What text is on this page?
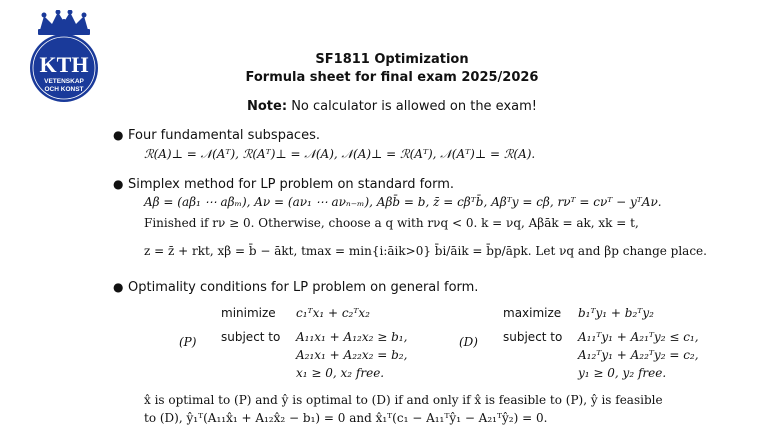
KTH
VETENSKAP
OCH KONST
SF1811 Optimization
Formula sheet for final exam 2025/2026
Note: No calculator is allowed on the exam!
● Four fundamental subspaces.
ℛ(A)⊥ = 𝒩(Aᵀ), ℛ(Aᵀ)⊥ = 𝒩(A), 𝒩(A)⊥ = ℛ(Aᵀ), 𝒩(Aᵀ)⊥ = ℛ(A).
● Simplex method for LP problem on standard form.
Aβ = (aβ₁ ⋯ aβₘ), Aν = (aν₁ ⋯ aνₙ₋ₘ), Aβb̄ = b, z̄ = cβᵀb̄, Aβᵀy = cβ, rνᵀ = cνᵀ − yᵀAν.
Finished if rν ≥ 0. Otherwise, choose a q with rνq < 0. k = νq, Aβāk = ak, xk = t,
z = z̄ + rkt, xβ = b̄ − ākt, tmax = min{i:āik>0} b̄i/āik = b̄p/āpk. Let νq and βp change place.
● Optimality conditions for LP problem on general form.
minimize c₁ᵀx₁ + c₂ᵀx₂
(P) subject to A₁₁x₁ + A₁₂x₂ ≥ b₁,
A₂₁x₁ + A₂₂x₂ = b₂,
x₁ ≥ 0, x₂ free.
maximize b₁ᵀy₁ + b₂ᵀy₂
(D) subject to A₁₁ᵀy₁ + A₂₁ᵀy₂ ≤ c₁,
A₁₂ᵀy₁ + A₂₂ᵀy₂ = c₂,
y₁ ≥ 0, y₂ free.
x̂ is optimal to (P) and ŷ is optimal to (D) if and only if x̂ is feasible to (P), ŷ is feasible
to (D), ŷ₁ᵀ(A₁₁x̂₁ + A₁₂x̂₂ − b₁) = 0 and x̂₁ᵀ(c₁ − A₁₁ᵀŷ₁ − A₂₁ᵀŷ₂) = 0.
